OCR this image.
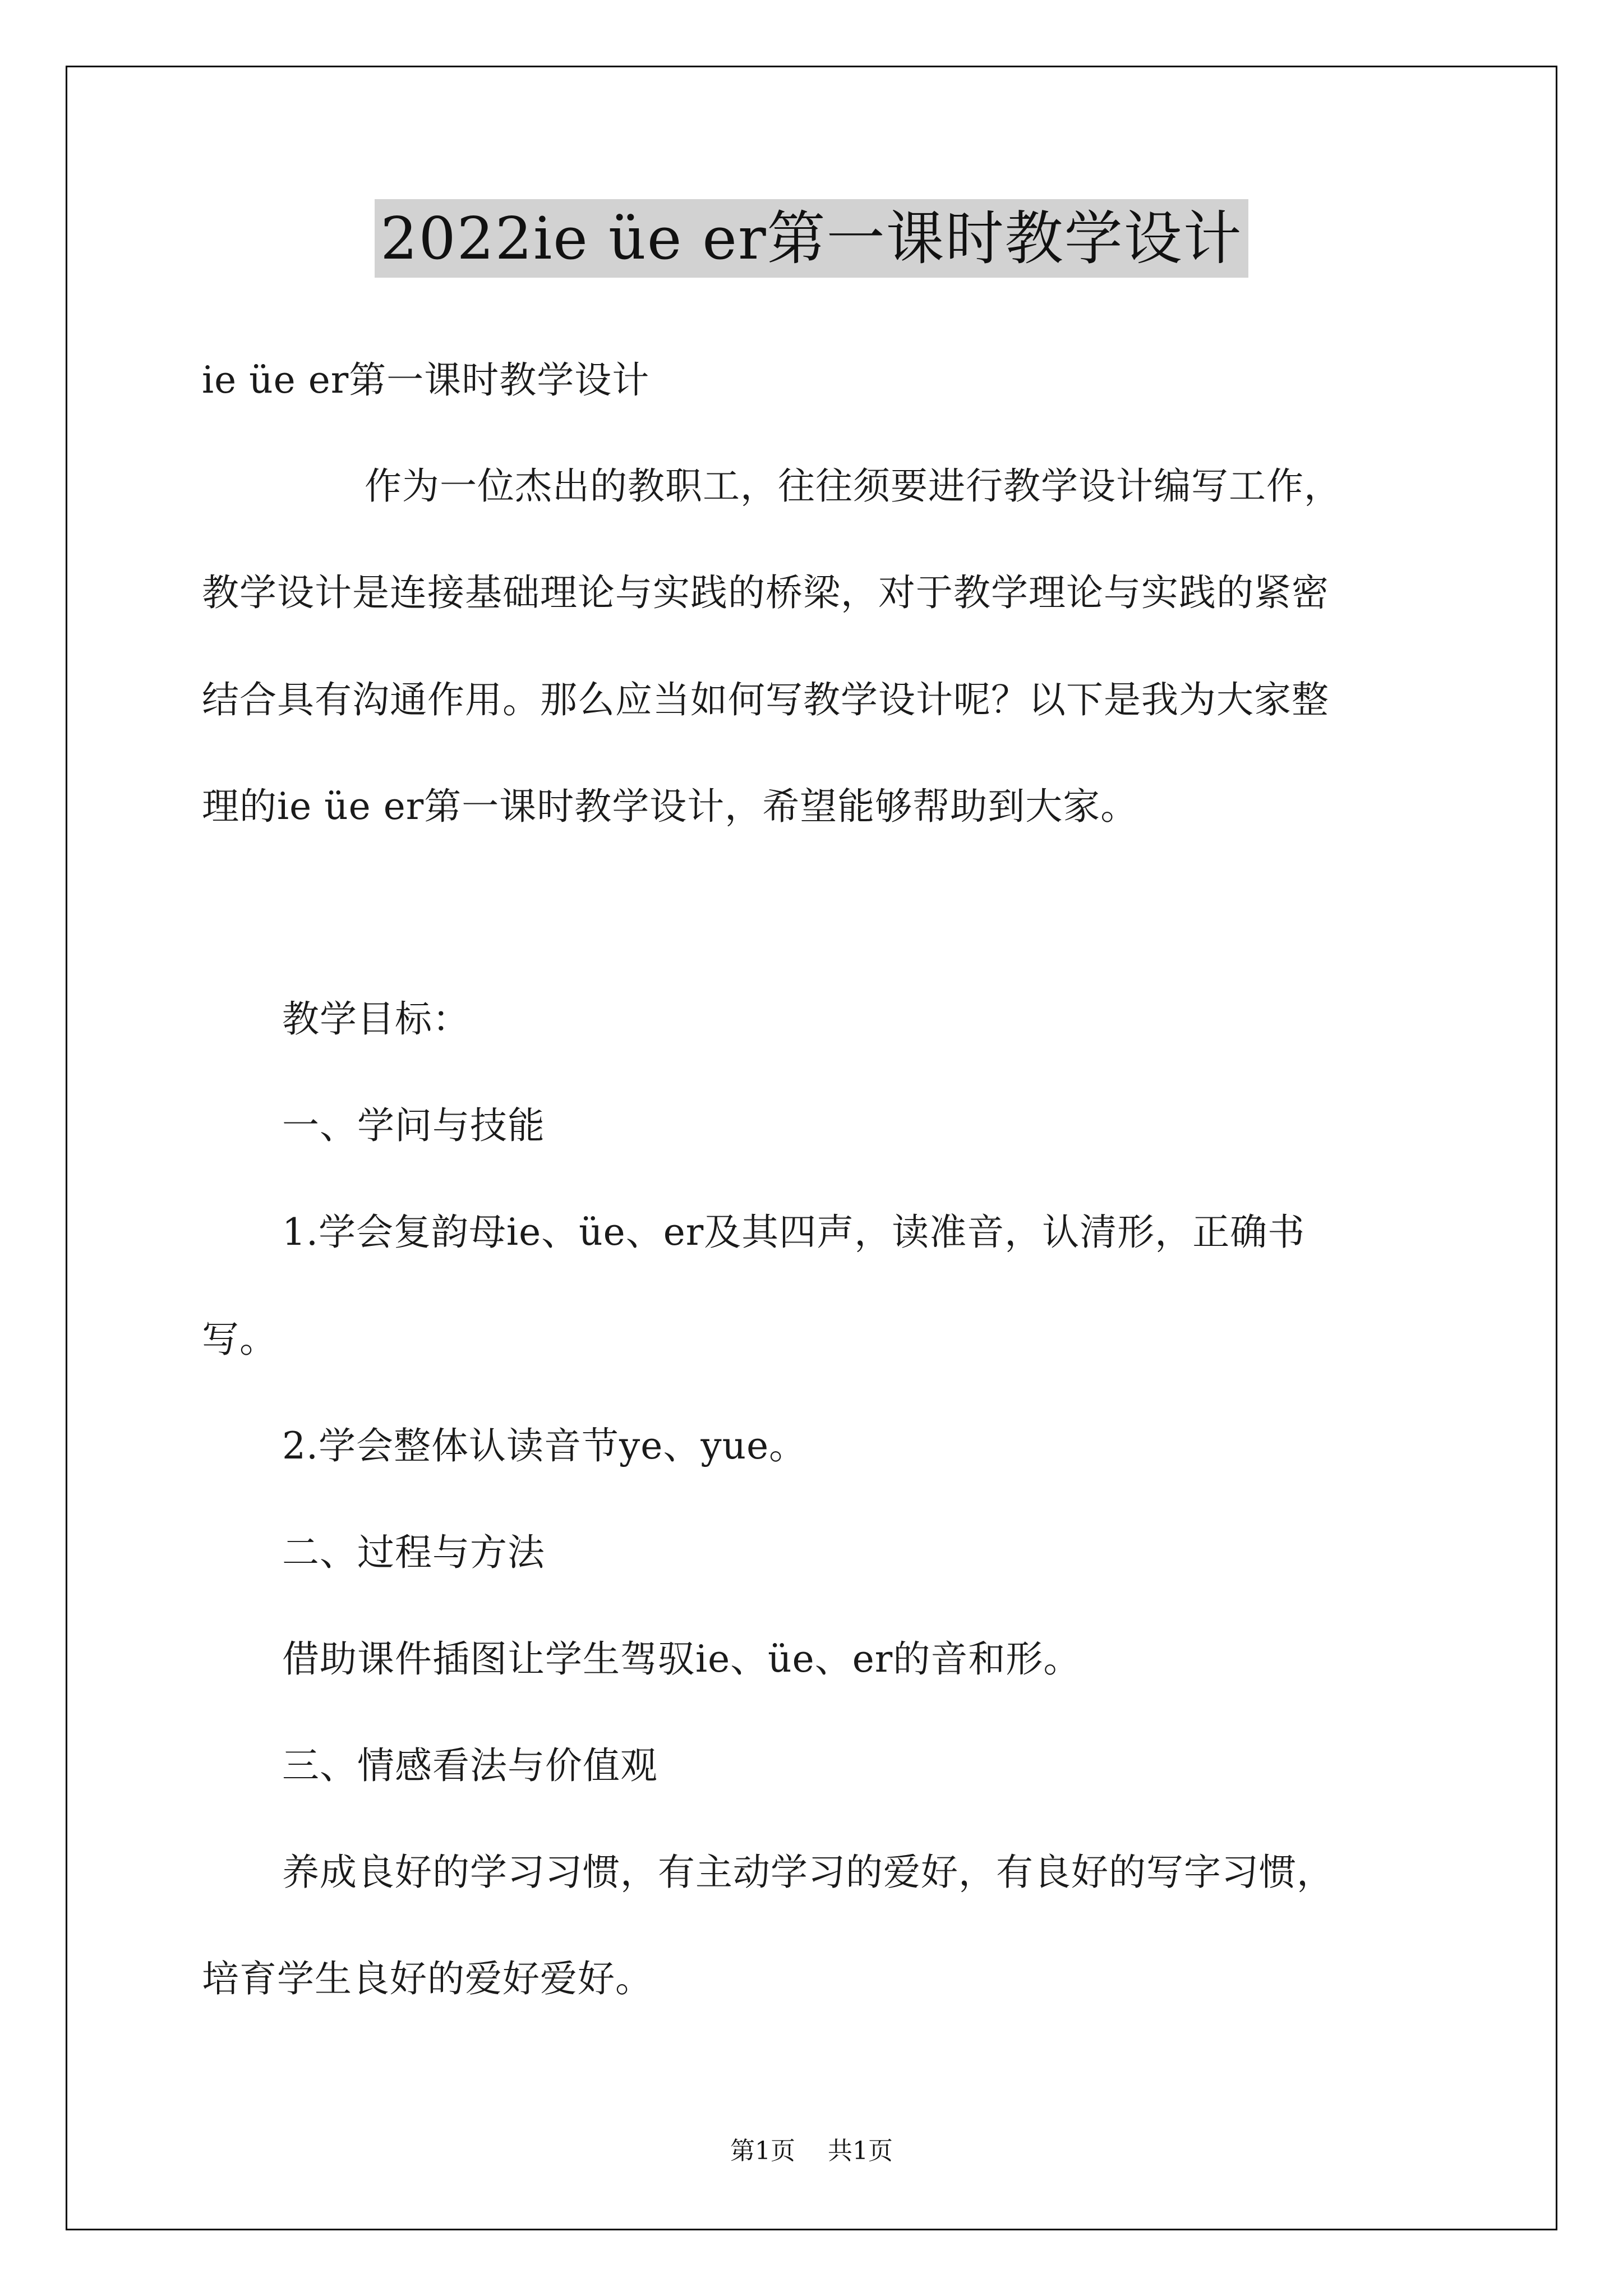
2022ie üe er第一课时教学设计
ie üe er第一课时教学设计
作为一位杰出的教职工，往往须要进行教学设计编写工作，
教学设计是连接基础理论与实践的桥梁，对于教学理论与实践的紧密
结合具有沟通作用。那么应当如何写教学设计呢？以下是我为大家整
理的ie üe er第一课时教学设计，希望能够帮助到大家。
教学目标：
一、学问与技能
1.学会复韵母ie、üe、er及其四声，读准音，认清形，正确书
写。
2.学会整体认读音节ye、yue。
二、过程与方法
借助课件插图让学生驾驭ie、üe、er的音和形。
三、情感看法与价值观
养成良好的学习习惯，有主动学习的爱好，有良好的写字习惯，
培育学生良好的爱好爱好。
第1页 共1页
